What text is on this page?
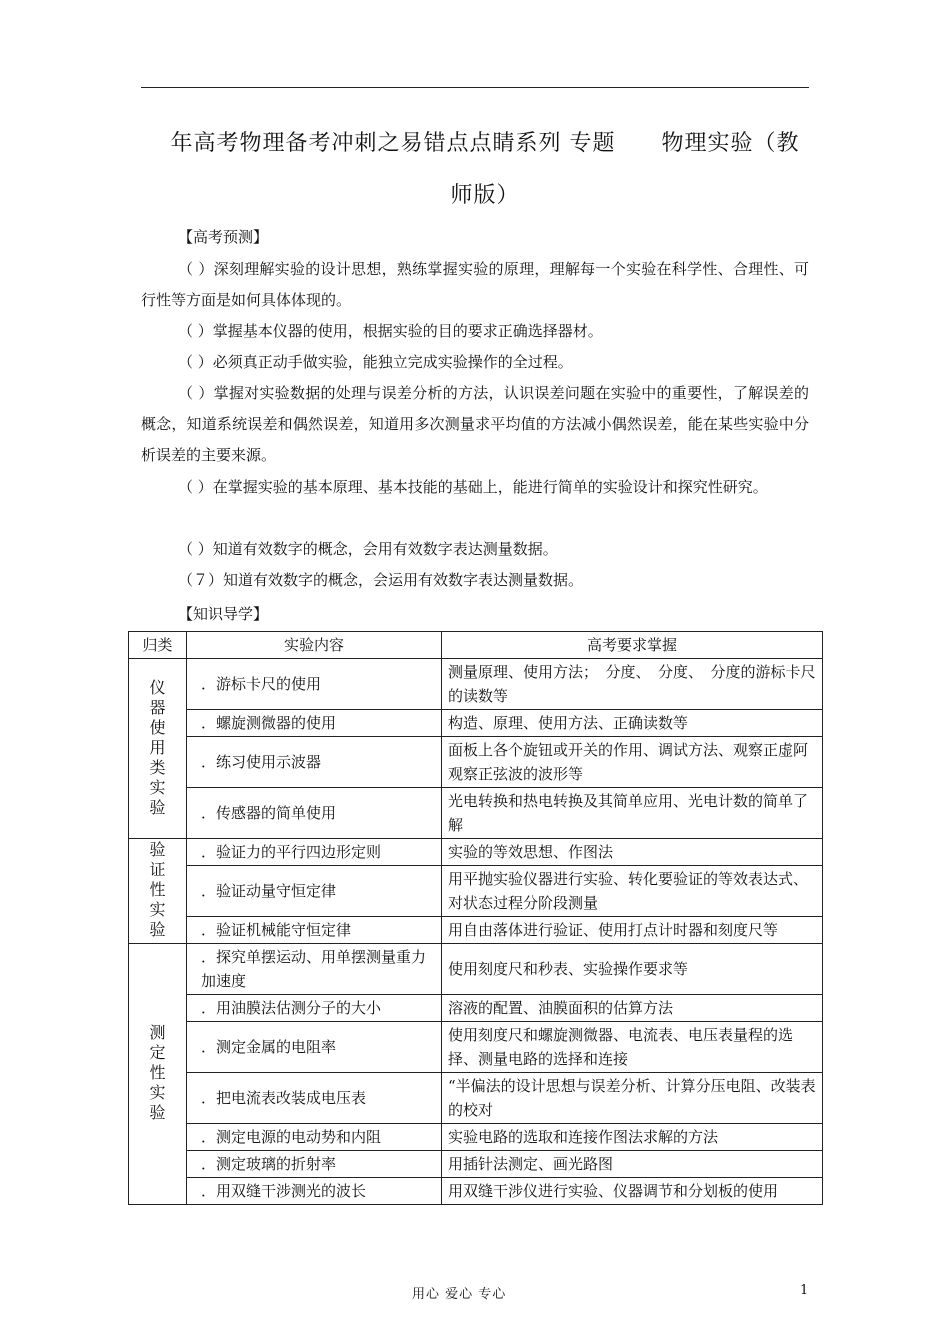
年高考物理备考冲刺之易错点点睛系列 专题　　物理实验（教师版）
【高考预测】
（ ）深刻理解实验的设计思想，熟练掌握实验的原理，理解每一个实验在科学性、合理性、可行性等方面是如何具体体现的。
（ ）掌握基本仪器的使用，根据实验的目的要求正确选择器材。
（ ）必须真正动手做实验，能独立完成实验操作的全过程。
（ ）掌握对实验数据的处理与误差分析的方法，认识误差问题在实验中的重要性，了解误差的概念，知道系统误差和偶然误差，知道用多次测量求平均值的方法减小偶然误差，能在某些实验中分析误差的主要来源。
（ ）在掌握实验的基本原理、基本技能的基础上，能进行简单的实验设计和探究性研究。
（ ）知道有效数字的概念，会用有效数字表达测量数据。
（７）知道有效数字的概念，会运用有效数字表达测量数据。
【知识导学】
归类	实验内容	高考要求掌握
仪器使用类实验	．游标卡尺的使用	测量原理、使用方法；　分度、　分度、　分度的游标卡尺的读数等
	．螺旋测微器的使用	构造、原理、使用方法、正确读数等
	．练习使用示波器	面板上各个旋钮或开关的作用、调试方法、观察正虚阿观察正弦波的波形等
	．传感器的简单使用	光电转换和热电转换及其简单应用、光电计数的简单了解
验证性实验	．验证力的平行四边形定则	实验的等效思想、作图法
	．验证动量守恒定律	用平抛实验仪器进行实验、转化要验证的等效表达式、对状态过程分阶段测量
	．验证机械能守恒定律	用自由落体进行验证、使用打点计时器和刻度尺等
测定性实验	．探究单摆运动、用单摆测量重力加速度	使用刻度尺和秒表、实验操作要求等
	．用油膜法估测分子的大小	溶液的配置、油膜面积的估算方法
	．测定金属的电阻率	使用刻度尺和螺旋测微器、电流表、电压表量程的选择、测量电路的选择和连接
	．把电流表改装成电压表	“半偏法的设计思想与误差分析、计算分压电阻、改装表的校对
	．测定电源的电动势和内阻	实验电路的选取和连接作图法求解的方法
	．测定玻璃的折射率	用插针法测定、画光路图
	．用双缝干涉测光的波长	用双缝干涉仪进行实验、仪器调节和分划板的使用
用心 爱心 专心	1
